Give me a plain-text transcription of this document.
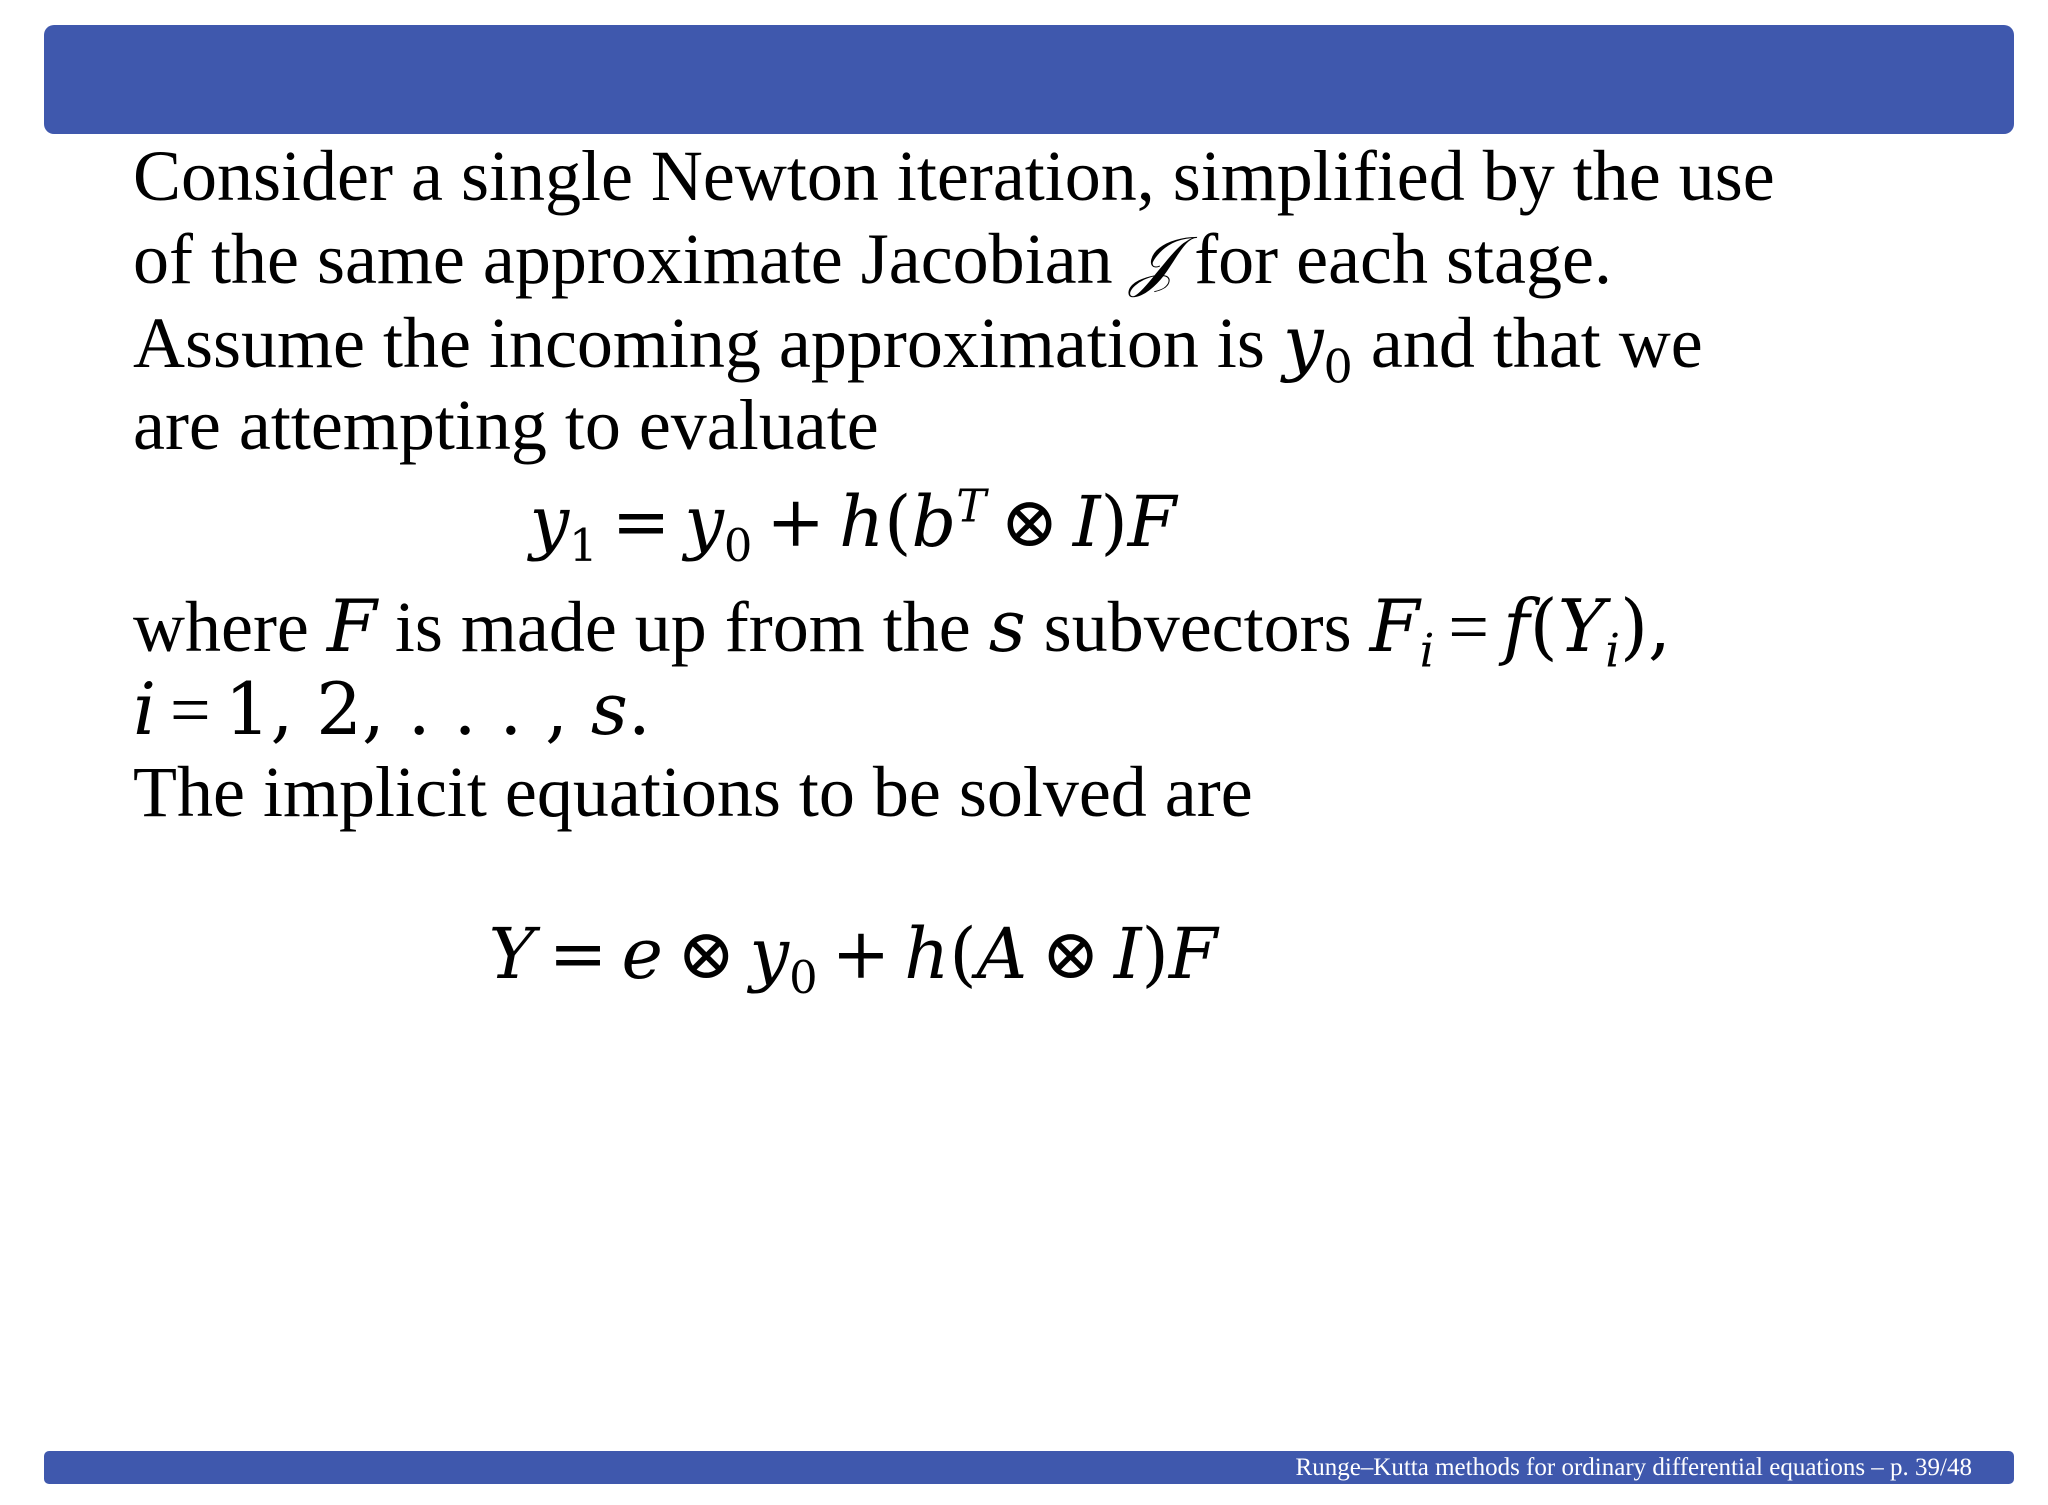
Consider a single Newton iteration, simplified by the use
of the same approximate Jacobian 𝒥 for each stage.
Assume the incoming approximation is $y_0$ and that we
are attempting to evaluate
$y_1 = y_0 + h(b^T$ ⊗ I)F
where F is made up from the s subvectors $F_i = f(Y_i)$,
i = 1, 2, . . . , s.
The implicit equations to be solved are
Y = e ⊗ $y_0 + h(A$ ⊗ I)F
Runge–Kutta methods for ordinary differential equations – p. 39/48
